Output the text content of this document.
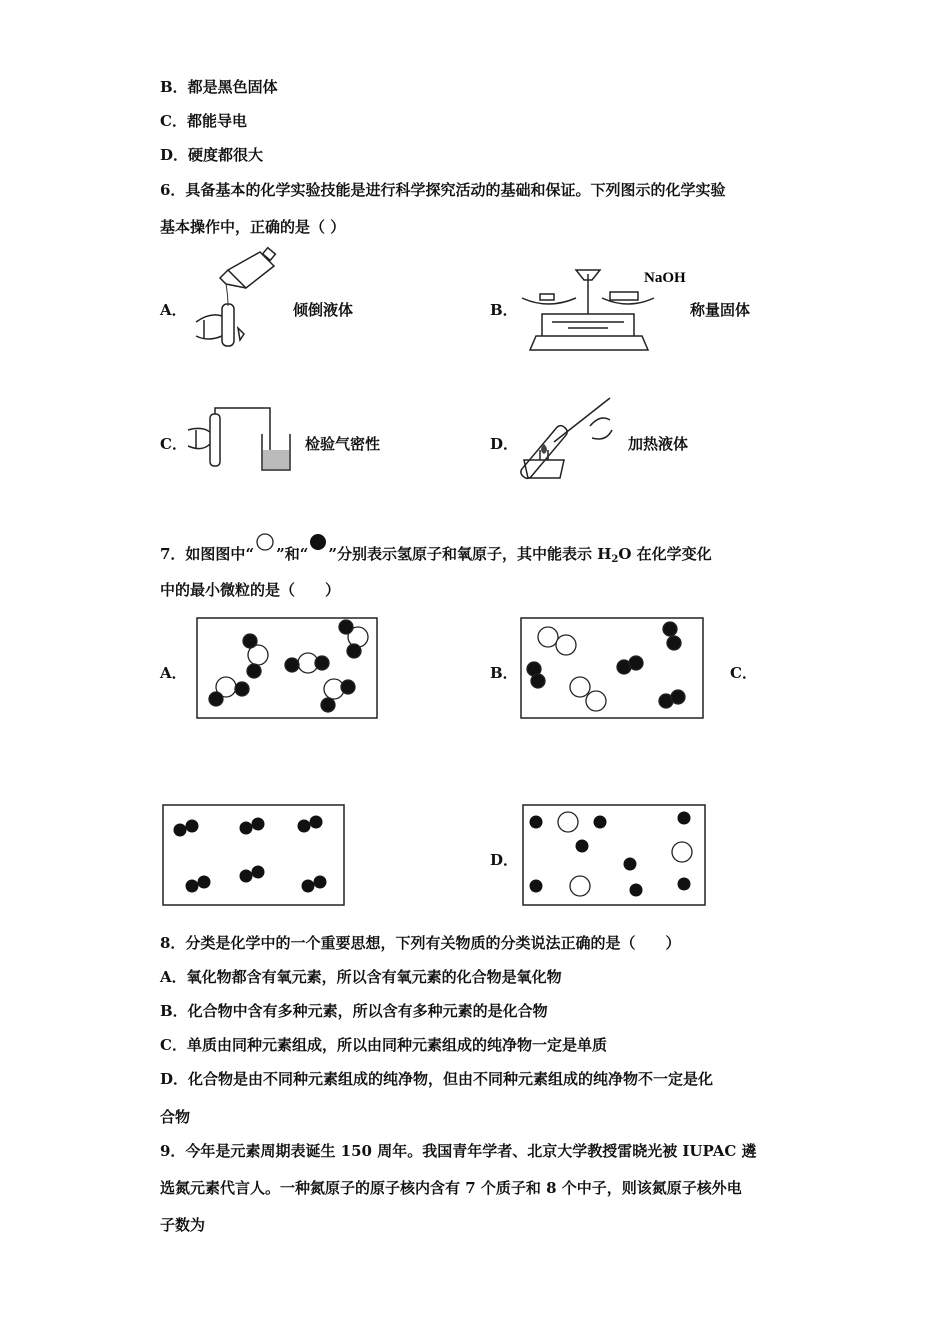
B．都是黑色固体
C．都能导电
D．硬度都很大
6．具备基本的化学实验技能是进行科学探究活动的基础和保证。下列图示的化学实验
基本操作中，正确的是（ ）
A．	倾倒液体	B．
NaOH
称量固体
C．	检验气密性	D．	加热液体
7．如图图中“ ”和“ ”分别表示氢原子和氧原子，其中能表示 $H_2O$ 在化学变化
中的最小微粒的是（　　）
A．	B．	C．
D．
8．分类是化学中的一个重要思想，下列有关物质的分类说法正确的是（　　）
A．氧化物都含有氧元素，所以含有氧元素的化合物是氧化物
B．化合物中含有多种元素，所以含有多种元素的是化合物
C．单质由同种元素组成，所以由同种元素组成的纯净物一定是单质
D．化合物是由不同种元素组成的纯净物，但由不同种元素组成的纯净物不一定是化
合物
9．今年是元素周期表诞生 150 周年。我国青年学者、北京大学教授雷晓光被 IUPAC 遴
选氮元素代言人。一种氮原子的原子核内含有 7 个质子和 8 个中子，则该氮原子核外电
子数为
